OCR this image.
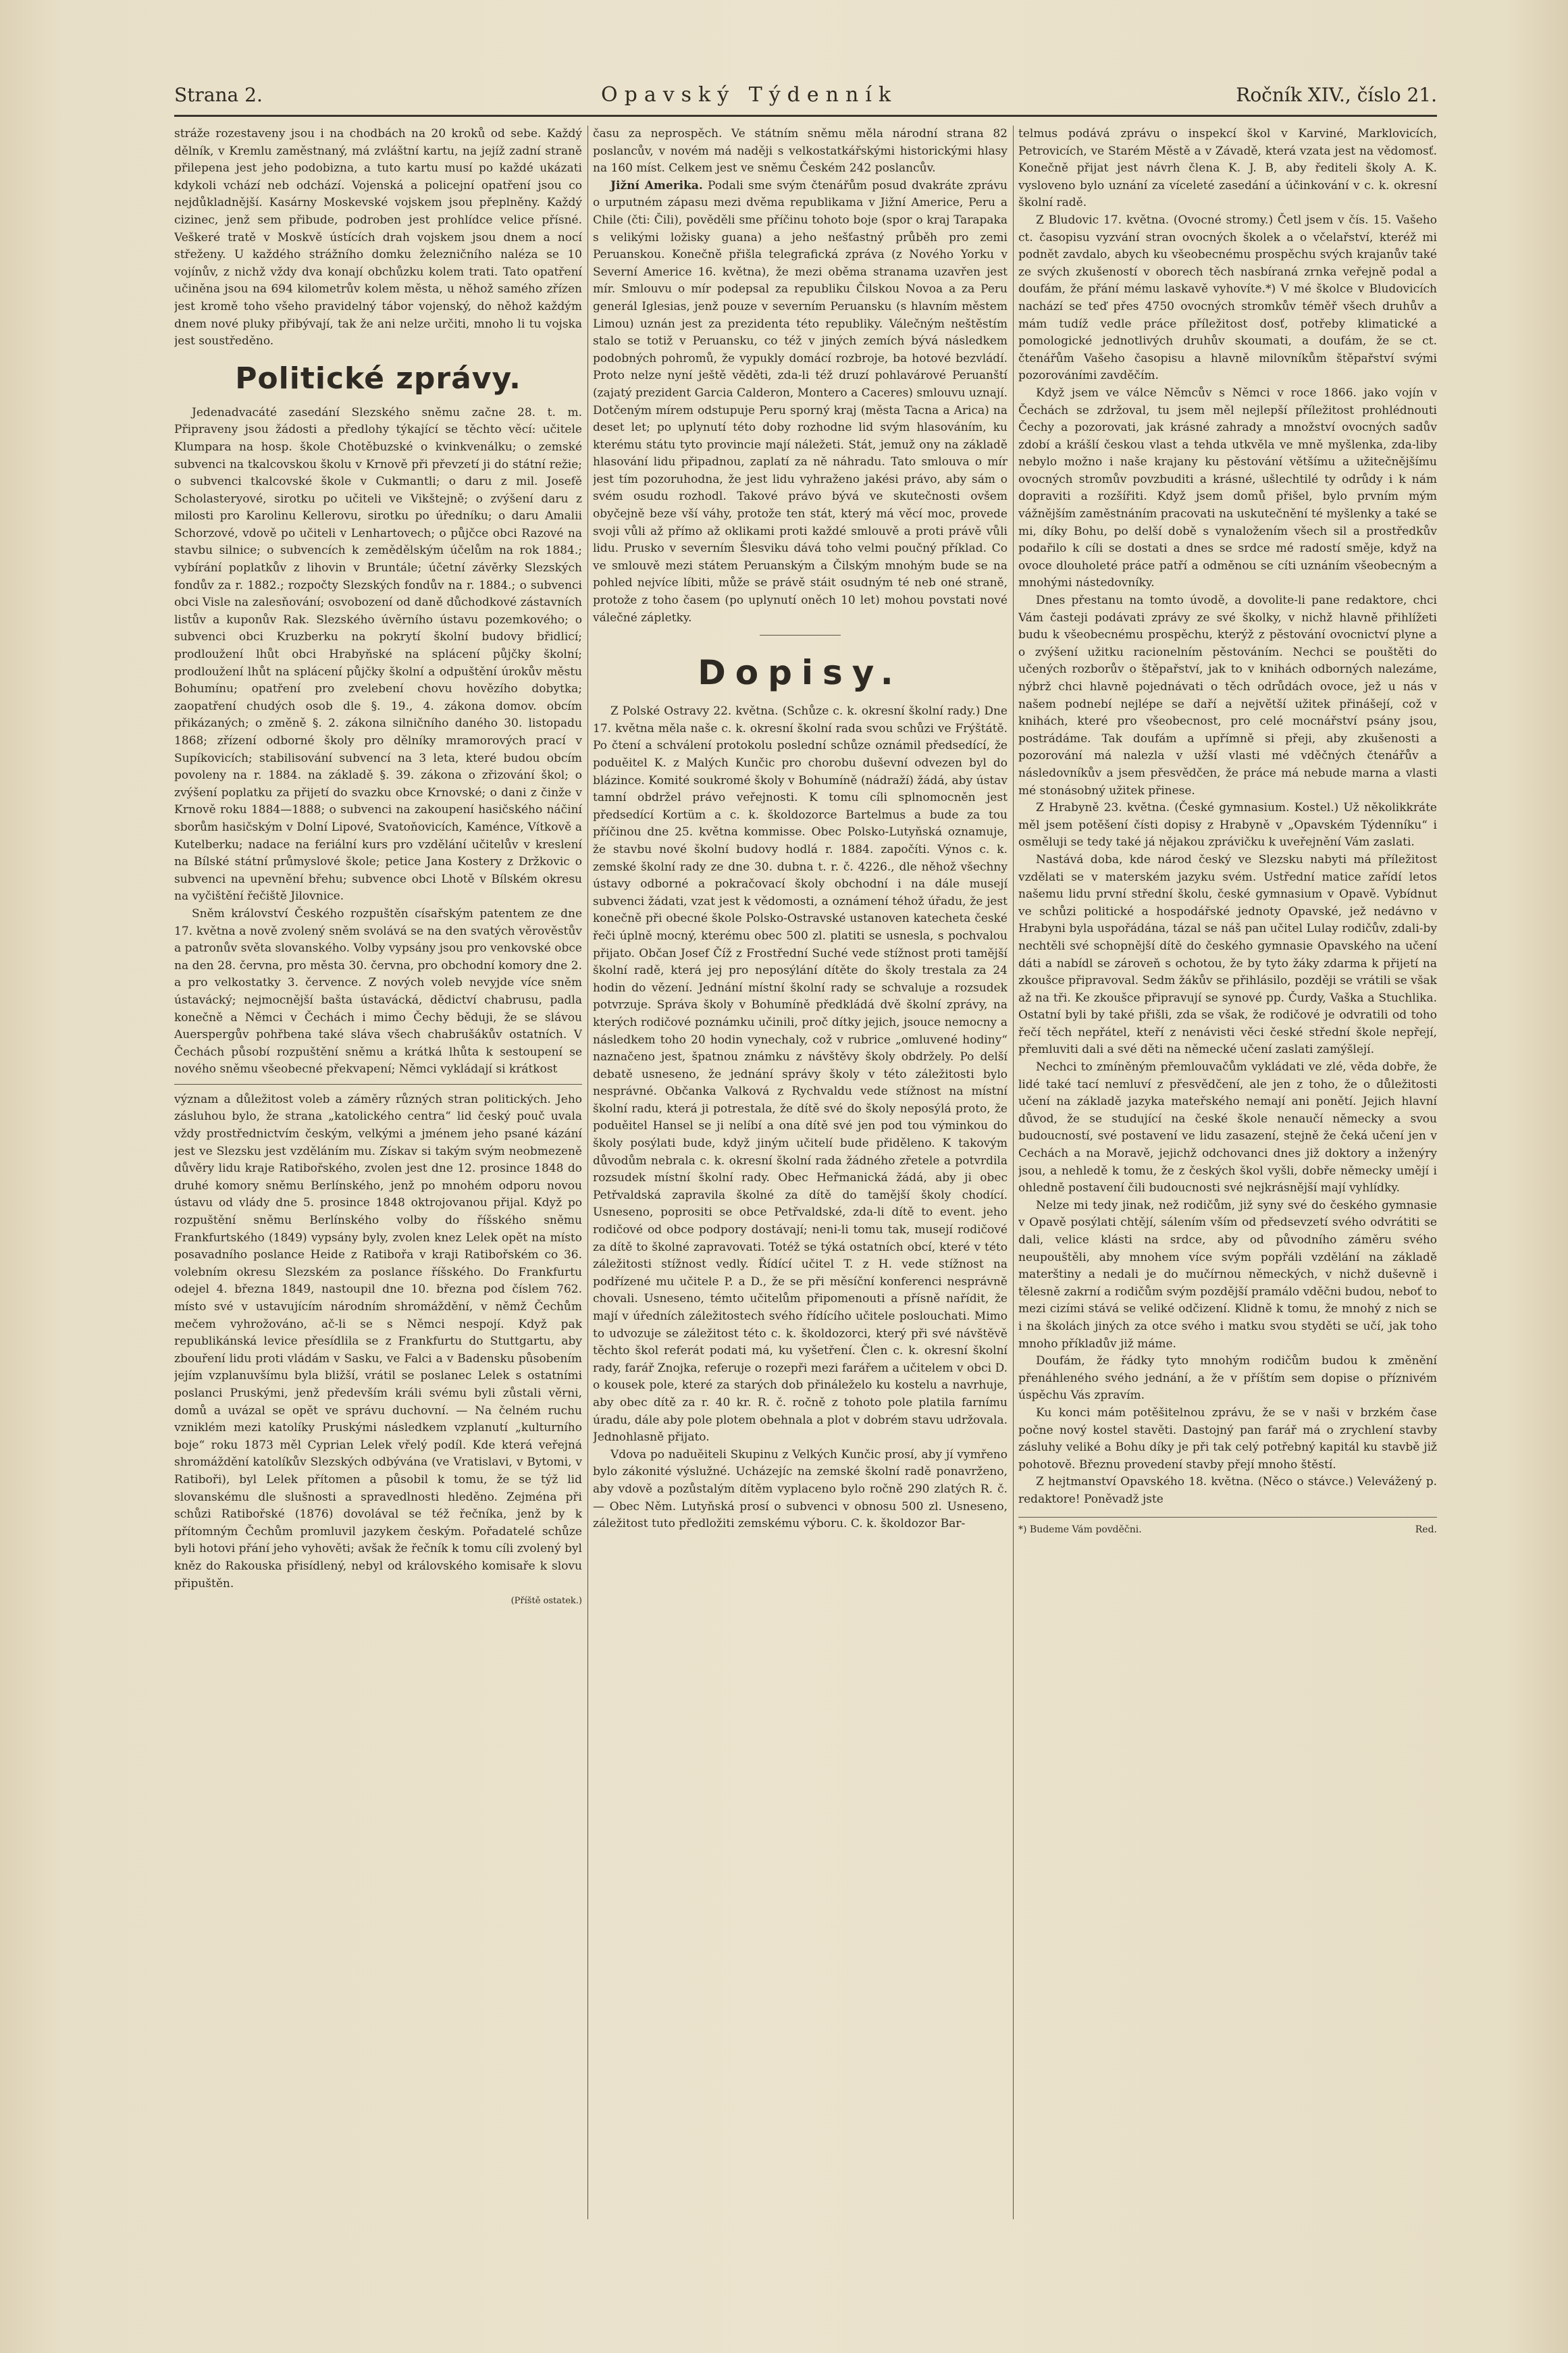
Strana 2.	Opavský Týdenník	Ročník XIV., číslo 21.

stráže rozestaveny jsou i na chodbách na 20 kroků od sebe. Každý dělník, v Kremlu zaměstnaný, má zvláštní kartu, na jejíž zadní straně přilepena jest jeho podobizna, a tuto kartu musí po každé ukázati kdykoli vchází neb odchází. Vojenská a policejní opatření jsou co nejdůkladnější. Kasárny Moskevské vojskem jsou přeplněny. Každý cizinec, jenž sem přibude, podroben jest prohlídce velice přísné. Veškeré tratě v Moskvě ústících drah vojskem jsou dnem a nocí střeženy. U každého strážního domku železničního naléza se 10 vojínův, z nichž vždy dva konají obchůzku kolem trati. Tato opatření učiněna jsou na 694 kilometrův kolem města, u něhož samého zřízen jest kromě toho všeho pravidelný tábor vojenský, do něhož každým dnem nové pluky přibývají, tak že ani nelze určiti, mnoho li tu vojska jest soustředěno.

Politické zprávy.

Jedenadvacáté zasedání Slezského sněmu začne 28. t. m. Připraveny jsou žádosti a předlohy týkající se těchto věcí: učitele Klumpara na hosp. škole Chotěbuzské o kvinkvenálku; o zemské subvenci na tkalcovskou školu v Krnově při převzetí ji do státní režie; o subvenci tkalcovské škole v Cukmantli; o daru z mil. Josefě Scholasteryové, sirotku po učiteli ve Vikštejně; o zvýšení daru z milosti pro Karolinu Kellerovu, sirotku po úředníku; o daru Amalii Schorzové, vdově po učiteli v Lenhartovech; o půjčce obci Razové na stavbu silnice; o subvencích k zemědělským účelům na rok 1884.; vybírání poplatkův z lihovin v Bruntále; účetní závěrky Slezských fondův za r. 1882.; rozpočty Slezských fondův na r. 1884.; o subvenci obci Visle na zalesňování; osvobození od daně důchodkové zástavních listův a kuponův Rak. Slezského úvěrního ústavu pozemkového; o subvenci obci Kruzberku na pokrytí školní budovy břidlicí; prodloužení lhůt obci Hrabyňské na splácení půjčky školní; prodloužení lhůt na splácení půjčky školní a odpuštění úrokův městu Bohumínu; opatření pro zvelebení chovu hovězího dobytka; zaopatření chudých osob dle §. 19., 4. zákona domov. obcím přikázaných; o změně §. 2. zákona silničního daného 30. listopadu 1868; zřízení odborné školy pro dělníky mramorových prací v Supíkovicích; stabilisování subvencí na 3 leta, které budou obcím povoleny na r. 1884. na základě §. 39. zákona o zřizování škol; o zvýšení poplatku za přijetí do svazku obce Krnovské; o dani z činže v Krnově roku 1884—1888; o subvenci na zakoupení hasičského náčiní sborům hasičským v Dolní Lipové, Svatoňovicích, Kaménce, Vítkově a Kutelberku; nadace na feriální kurs pro vzdělání učitelův v kreslení na Bílské státní průmyslové škole; petice Jana Kostery z Držkovic o subvenci na upevnění břehu; subvence obci Lhotě v Bílském okresu na vyčištění řečiště Jilovnice.

Sněm království Českého rozpuštěn císařským patentem ze dne 17. května a nově zvolený sněm svolává se na den svatých věrověstův a patronův světa slovanského. Volby vypsány jsou pro venkovské obce na den 28. června, pro města 30. června, pro obchodní komory dne 2. a pro velkostatky 3. července. Z nových voleb nevyjde více sněm ústavácký; nejmocnější bašta ústavácká, dědictví chabrusu, padla konečně a Němci v Čechách i mimo Čechy běduji, že se slávou Auerspergův pohřbena také sláva všech chabrušákův ostatních. V Čechách působí rozpuštění sněmu a krátká lhůta k sestoupení se nového sněmu všeobecné překvapení; Němci vykládají si krátkost

význam a důležitost voleb a záměry různých stran politických. Jeho zásluhou bylo, že strana „katolického centra“ lid český pouč uvala vždy prostřednictvím českým, velkými a jménem jeho psané kázání jest ve Slezsku jest vzděláním mu. Získav si takým svým neobmezeně důvěry lidu kraje Ratibořského, zvolen jest dne 12. prosince 1848 do druhé komory sněmu Berlínského, jenž po mnohém odporu novou ústavu od vlády dne 5. prosince 1848 oktrojovanou přijal. Když po rozpuštění sněmu Berlínského volby do říšského sněmu Frankfurtského (1849) vypsány byly, zvolen knez Lelek opět na místo posavadního poslance Heide z Ratibořa v kraji Ratibořském co 36. volebním okresu Slezském za poslance říšského. Do Frankfurtu odejel 4. března 1849, nastoupil dne 10. března pod číslem 762. místo své v ustavujícím národním shromáždění, v němž Čechům mečem vyhrožováno, ač-li se s Němci nespojí. Když pak republikánská levice přesídlila se z Frankfurtu do Stuttgartu, aby zbouření lidu proti vládám v Sasku, ve Falci a v Badensku působením jejím vzplanuvšímu byla bližší, vrátil se poslanec Lelek s ostatními poslanci Pruskými, jenž především králi svému byli zůstali věrni, domů a uvázal se opět ve správu duchovní. — Na čelném ruchu vzniklém mezi katolíky Pruskými následkem vzplanutí „kulturního boje“ roku 1873 měl Cyprian Lelek vřelý podíl. Kde která veřejná shromáždění katolíkův Slezských odbývána (ve Vratislavi, v Bytomi, v Ratiboři), byl Lelek přítomen a působil k tomu, že se týž lid slovanskému dle slušnosti a spravedlnosti hleděno. Zejména při schůzi Ratibořské (1876) dovolával se též řečníka, jenž by k přítomným Čechům promluvil jazykem českým. Pořadatelé schůze byli hotovi přání jeho vyhověti; avšak že řečník k tomu cíli zvolený byl kněz do Rakouska přisídlený, nebyl od královského komisaře k slovu připuštěn.

(Příště ostatek.)

času za neprospěch. Ve státním sněmu měla národní strana 82 poslancův, v novém má naději s velkostatkářskými historickými hlasy na 160 míst. Celkem jest ve sněmu Českém 242 poslancův.

Jižní Amerika. Podali sme svým čtenářům posud dvakráte zprávu o urputném zápasu mezi dvěma republikama v Jižní Americe, Peru a Chile (čti: Čili), pověděli sme příčinu tohoto boje (spor o kraj Tarapaka s velikými ložisky guana) a jeho nešťastný průběh pro zemi Peruanskou. Konečně přišla telegrafická zpráva (z Nového Yorku v Severní Americe 16. května), že mezi oběma stranama uzavřen jest mír. Smlouvu o mír podepsal za republiku Čilskou Novoa a za Peru generál Iglesias, jenž pouze v severním Peruansku (s hlavním městem Limou) uznán jest za prezidenta této republiky. Válečným neštěstím stalo se totiž v Peruansku, co též v jiných zemích bývá následkem podobných pohromů, že vypukly domácí rozbroje, ba hotové bezvládí. Proto nelze nyní ještě věděti, zda-li též druzí pohlavárové Peruanští (zajatý prezident Garcia Calderon, Montero a Caceres) smlouvu uznají. Dotčeným mírem odstupuje Peru sporný kraj (města Tacna a Arica) na deset let; po uplynutí této doby rozhodne lid svým hlasováním, ku kterému státu tyto provincie mají náležeti. Stát, jemuž ony na základě hlasování lidu připadnou, zaplatí za ně náhradu. Tato smlouva o mír jest tím pozoruhodna, že jest lidu vyhraženo jakési právo, aby sám o svém osudu rozhodl. Takové právo bývá ve skutečnosti ovšem obyčejně beze vší váhy, protože ten stát, který má věcí moc, provede svoji vůli až přímo až oklikami proti každé smlouvě a proti právě vůli lidu. Prusko v severním Šlesviku dává toho velmi poučný příklad. Co ve smlouvě mezi státem Peruanským a Čilským mnohým bude se na pohled nejvíce líbiti, může se právě stáit osudným té neb oné straně, protože z toho časem (po uplynutí oněch 10 let) mohou povstati nové válečné zápletky.

Dopisy.

Z Polské Ostravy 22. května. (Schůze c. k. okresní školní rady.) Dne 17. května měla naše c. k. okresní školní rada svou schůzi ve Frýštátě. Po čtení a schválení protokolu poslední schůze oznámil předsedící, že poduěitel K. z Malých Kunčic pro chorobu duševní odvezen byl do blázince. Komité soukromé školy v Bohumíně (nádraží) žádá, aby ústav tamní obdržel právo veřejnosti. K tomu cíli splnomocněn jest předsedící Kortüm a c. k. školdozorce Bartelmus a bude za tou příčinou dne 25. května kommisse. Obec Polsko-Lutyňská oznamuje, že stavbu nové školní budovy hodlá r. 1884. započíti. Výnos c. k. zemské školní rady ze dne 30. dubna t. r. č. 4226., dle něhož všechny ústavy odborné a pokračovací školy obchodní i na dále musejí subvenci žádati, vzat jest k vědomosti, a oznámení téhož úřadu, že jest konečně při obecné škole Polsko-Ostravské ustanoven katecheta české řeči úplně mocný, kterému obec 500 zl. platiti se usnesla, s pochvalou přijato. Občan Josef Číž z Frostřední Suché vede stížnost proti tamější školní radě, která jej pro neposýlání dítěte do školy trestala za 24 hodin do vězení. Jednání místní školní rady se schvaluje a rozsudek potvrzuje. Správa školy v Bohumíně předkládá dvě školní zprávy, na kterých rodičové poznámku učinili, proč dítky jejich, jsouce nemocny a následkem toho 20 hodin vynechaly, což v rubrice „omluvené hodiny“ naznačeno jest, špatnou známku z návštěvy školy obdržely. Po delší debatě usneseno, že jednání správy školy v této záležitosti bylo nesprávné. Občanka Valková z Rychvaldu vede stížnost na místní školní radu, která ji potrestala, že dítě své do školy neposýlá proto, že poduěitel Hansel se ji nelíbí a ona dítě své jen pod tou výminkou do školy posýlati bude, když jiným učitelí bude přiděleno. K takovým důvodům nebrala c. k. okresní školní rada žádného zřetele a potvrdila rozsudek místní školní rady. Obec Heřmanická žádá, aby ji obec Petřvaldská zapravila školné za dítě do tamější školy chodící. Usneseno, poprositi se obce Petřvaldské, zda-li dítě to event. jeho rodičové od obce podpory dostávají; neni-li tomu tak, musejí rodičové za dítě to školné zapravovati. Totéž se týká ostatních obcí, které v této záležitosti stížnost vedly. Řídící učitel T. z H. vede stížnost na podřízené mu učitele P. a D., že se při měsíční konferenci nesprávně chovali. Usneseno, témto učitelům připomenouti a přísně nařídit, že mají v úředních záležitostech svého řídícího učitele poslouchati. Mimo to udvozuje se záležitost této c. k. školdozorci, který při své návštěvě těchto škol referát podati má, ku vyšetření. Člen c. k. okresní školní rady, farář Znojka, referuje o rozepři mezi farářem a učitelem v obci D. o kousek pole, které za starých dob přináleželo ku kostelu a navrhuje, aby obec dítě za r. 40 kr. R. č. ročně z tohoto pole platila farnímu úradu, dále aby pole plotem obehnala a plot v dobrém stavu udržovala. Jednohlasně přijato.

Vdova po naduěiteli Skupinu z Velkých Kunčic prosí, aby jí vymřeno bylo zákonité výslužné. Ucházejíc na zemské školní radě ponavrženo, aby vdově a pozůstalým dítěm vyplaceno bylo ročně 290 zlatých R. č. — Obec Něm. Lutyňská prosí o subvenci v obnosu 500 zl. Usneseno, záležitost tuto předložiti zemskému výboru. C. k. školdozor Bar-

telmus podává zprávu o inspekcí škol v Karviné, Marklovicích, Petrovicích, ve Starém Městě a v Závadě, která vzata jest na vědomosť. Konečně přijat jest návrh člena K. J. B, aby řediteli školy A. K. vysloveno bylo uznání za víceleté zasedání a účinkování v c. k. okresní školní radě.

Z Bludovic 17. května. (Ovocné stromy.) Četl jsem v čís. 15. Vašeho ct. časopisu vyzvání stran ovocných školek a o včelařství, kteréž mi podnět zavdalo, abych ku všeobecnému prospěchu svých krajanův také ze svých zkušeností v oborech těch nasbíraná zrnka veřejně podal a doufám, že přání mému laskavě vyhovíte.*) V mé školce v Bludovicích nachází se teď přes 4750 ovocných stromkův téměř všech druhův a mám tudíž vedle práce příležitost dosť, potřeby klimatické a pomologické jednotlivých druhův skoumati, a doufám, že se ct. čtenářům Vašeho časopisu a hlavně milovníkům štěpařství svými pozorováními zavděčím.

Když jsem ve válce Němcův s Němci v roce 1866. jako vojín v Čechách se zdržoval, tu jsem měl nejlepší příležitost prohlédnouti Čechy a pozorovati, jak krásné zahrady a množství ovocných sadův zdobí a krášlí českou vlast a tehda utkvěla ve mně myšlenka, zda-liby nebylo možno i naše krajany ku pěstování většímu a užitečnějšímu ovocných stromův povzbuditi a krásné, ušlechtilé ty odrůdy i k nám dopraviti a rozšířiti. Když jsem domů přišel, bylo prvním mým vážnějším zaměstnáním pracovati na uskutečnění té myšlenky a také se mi, díky Bohu, po delší době s vynaložením všech sil a prostředkův podařilo k cíli se dostati a dnes se srdce mé radostí směje, když na ovoce dlouholeté práce patří a odměnou se cíti uznáním všeobecným a mnohými nástedovníky.

Dnes přestanu na tomto úvodě, a dovolite-li pane redaktore, chci Vám časteji podávati zprávy ze své školky, v nichž hlavně přihlížeti budu k všeobecnému prospěchu, kterýž z pěstování ovocnictví plyne a o zvýšení užitku racionelním pěstováním. Nechci se pouštěti do učených rozborův o štěpařství, jak to v knihách odborných nalezáme, nýbrž chci hlavně pojednávati o těch odrůdách ovoce, jež u nás v našem podnebí nejlépe se daří a největší užitek přinášejí, což v knihách, které pro všeobecnost, pro celé mocnářství psány jsou, postrádáme. Tak doufám a upřímně si přeji, aby zkušenosti a pozorování má nalezla v užší vlasti mé vděčných čtenářův a následovníkův a jsem přesvědčen, že práce má nebude marna a vlasti mé stonásobný užitek přinese.

Z Hrabyně 23. května. (České gymnasium. Kostel.) Už několikkráte měl jsem potěšení čísti dopisy z Hrabyně v „Opavském Týdenníku“ i osměluji se tedy také já nějakou zprávičku k uveřejnění Vám zaslati.

Nastává doba, kde národ český ve Slezsku nabyti má příležitost vzdělati se v materském jazyku svém. Ustřední matice zařídí letos našemu lidu první střední školu, české gymnasium v Opavě. Vybídnut ve schůzi politické a hospodářské jednoty Opavské, jež nedávno v Hrabyni byla uspořádána, tázal se náš pan učitel Lulay rodičův, zdali-by nechtěli své schopnější dítě do českého gymnasie Opavského na učení dáti a nabídl se zároveň s ochotou, že by tyto žáky zdarma k přijetí na zkoušce připravoval. Sedm žákův se přihlásilo, později se vrátili se však až na tři. Ke zkoušce připravují se synové pp. Čurdy, Vaška a Stuchlika. Ostatní byli by také přišli, zda se však, že rodičové je odvratili od toho řečí těch nepřátel, kteří z nenávisti věci české střední škole nepřejí, přemluviti dali a své děti na německé učení zaslati zamýšlejí.

Nechci to zmíněným přemlouvačům vykládati ve zlé, věda dobře, že lidé také tací nemluví z přesvědčení, ale jen z toho, že o důležitosti učení na základě jazyka mateřského nemají ani ponětí. Jejich hlavní důvod, že se studující na české škole nenaučí německy a svou budoucností, své postavení ve lidu zasazení, stejně že čeká učení jen v Cechách a na Moravě, jejichž odchovanci dnes již doktory a inženýry jsou, a nehledě k tomu, že z českých škol vyšli, dobře německy umějí i ohledně postavení čili budoucnosti své nejkrásnější mají vyhlídky.

Nelze mi tedy jinak, než rodičům, již syny své do českého gymnasie v Opavě posýlati chtějí, sálením vším od předsevzetí svého odvrátiti se dali, velice klásti na srdce, aby od původního záměru svého neupouštěli, aby mnohem více svým popřáli vzdělání na základě materštiny a nedali je do mučírnou německých, v nichž duševně i tělesně zakrní a rodičům svým pozdější pramálo vděčni budou, neboť to mezi cizími stává se veliké odčizení. Klidně k tomu, že mnohý z nich se i na školách jiných za otce svého i matku svou styděti se učí, jak toho mnoho příkladův již máme.

Doufám, že řádky tyto mnohým rodičům budou k změnění přenáhleného svého jednání, a že v příštím sem dopise o příznivém úspěchu Vás zpravím.

Ku konci mám potěšitelnou zprávu, že se v naši v brzkém čase počne nový kostel stavěti. Dastojný pan farář má o zrychlení stavby zásluhy veliké a Bohu díky je při tak celý potřebný kapitál ku stavbě již pohotově. Březnu provedení stavby přejí mnoho štěstí.

Z hejtmanství Opavského 18. května. (Něco o stávce.) Velevážený p. redaktore! Poněvadž jste

*) Budeme Vám povděčni.	Red.
